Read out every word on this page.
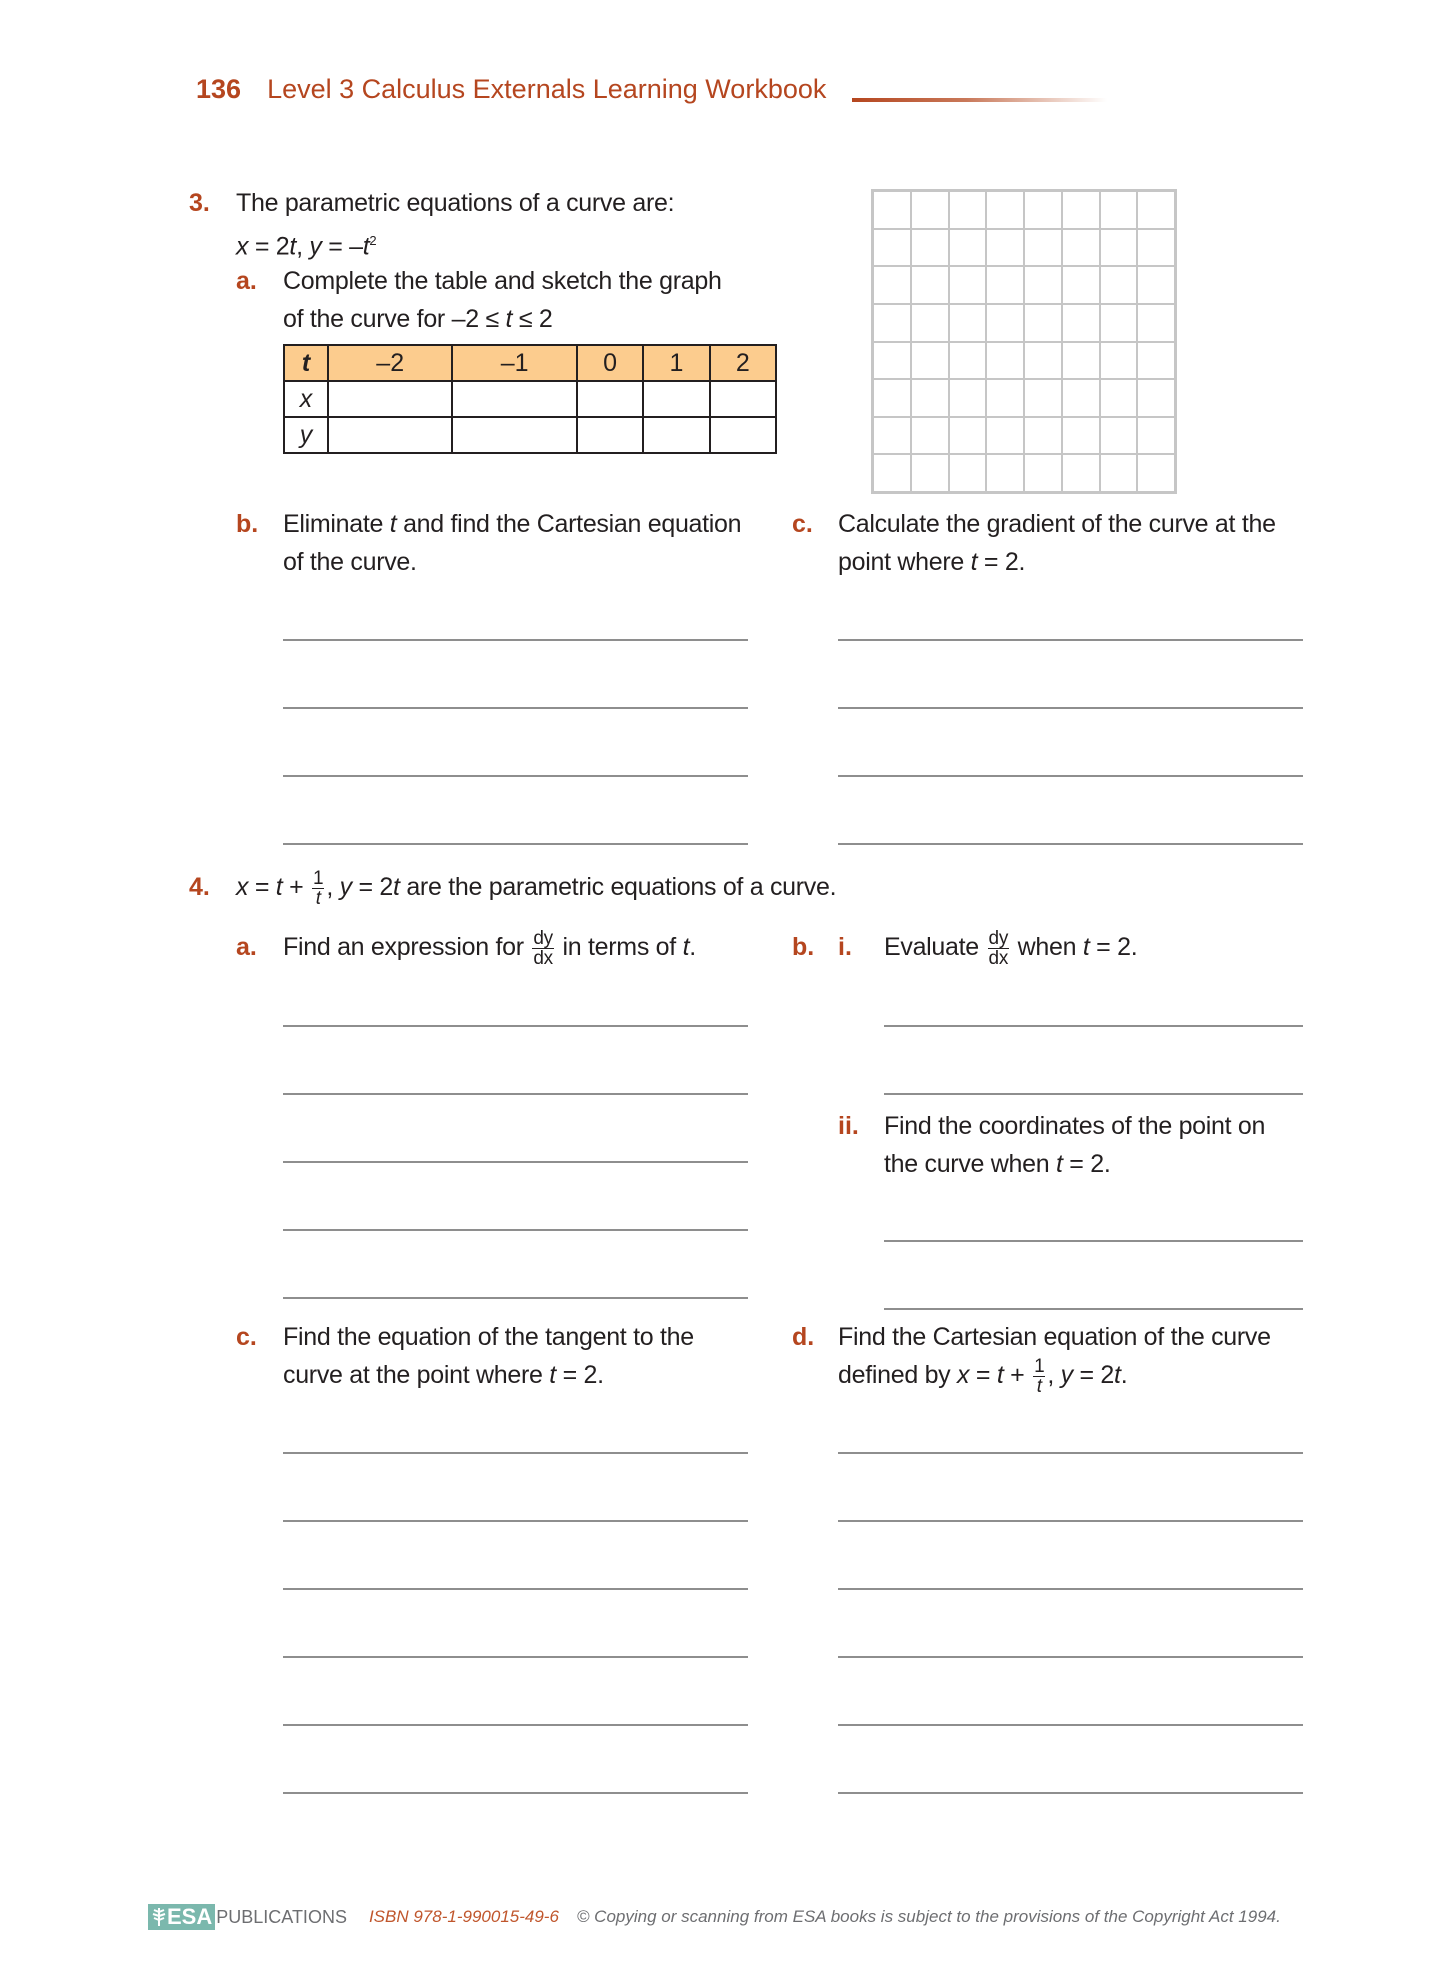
136 Level 3 Calculus Externals Learning Workbook
3. The parametric equations of a curve are:
x = 2t, $y = -t^2$
a. Complete the table and sketch the graph
of the curve for –2 ≤ t ≤ 2
t	–2	–1	0	1	2
x					
y					
b. Eliminate t and find the Cartesian equation
of the curve.
c. Calculate the gradient of the curve at the
point where t = 2.
4. $x = t + \frac{1}{t}$ , y = 2t are the parametric equations of a curve.
a. Find an expression for $\frac{dy}{dx}$ in terms of t.	b. i. Evaluate $\frac{dy}{dx}$ when t = 2.
ii. Find the coordinates of the point on
the curve when t = 2.
c. Find the equation of the tangent to the
curve at the point where t = 2.
d. Find the Cartesian equation of the curve
defined by $x = t + \frac{1}{t}$ , y = 2t.
ESA PUBLICATIONS ISBN 978-1-990015-49-6 © Copying or scanning from ESA books is subject to the provisions of the Copyright Act 1994.
